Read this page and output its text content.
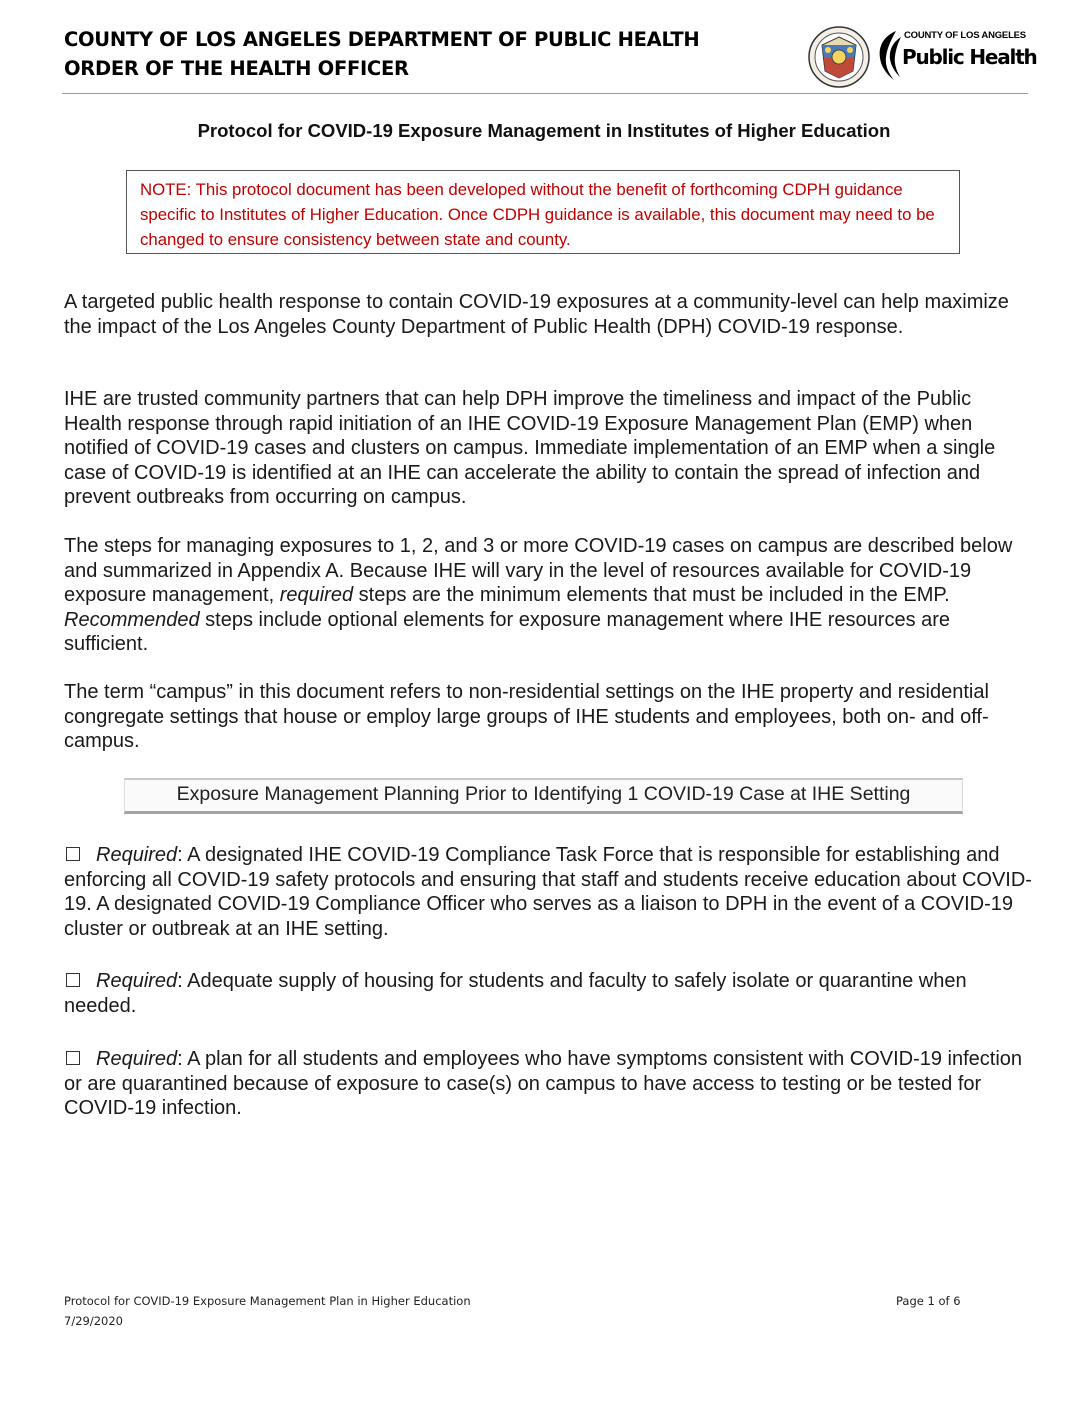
COUNTY OF LOS ANGELES DEPARTMENT OF PUBLIC HEALTH
ORDER OF THE HEALTH OFFICER
COUNTY OF LOS ANGELES
Public Health
Protocol for COVID-19 Exposure Management in Institutes of Higher Education
NOTE: This protocol document has been developed without the benefit of forthcoming CDPH guidance specific to Institutes of Higher Education. Once CDPH guidance is available, this document may need to be changed to ensure consistency between state and county.
A targeted public health response to contain COVID-19 exposures at a community-level can help maximize the impact of the Los Angeles County Department of Public Health (DPH) COVID-19 response.
IHE are trusted community partners that can help DPH improve the timeliness and impact of the Public Health response through rapid initiation of an IHE COVID-19 Exposure Management Plan (EMP) when notified of COVID-19 cases and clusters on campus. Immediate implementation of an EMP when a single case of COVID-19 is identified at an IHE can accelerate the ability to contain the spread of infection and prevent outbreaks from occurring on campus.
The steps for managing exposures to 1, 2, and 3 or more COVID-19 cases on campus are described below and summarized in Appendix A. Because IHE will vary in the level of resources available for COVID-19 exposure management, required steps are the minimum elements that must be included in the EMP. Recommended steps include optional elements for exposure management where IHE resources are sufficient.
The term “campus” in this document refers to non-residential settings on the IHE property and residential congregate settings that house or employ large groups of IHE students and employees, both on- and off-campus.
Exposure Management Planning Prior to Identifying 1 COVID-19 Case at IHE Setting
Required: A designated IHE COVID-19 Compliance Task Force that is responsible for establishing and enforcing all COVID-19 safety protocols and ensuring that staff and students receive education about COVID-19. A designated COVID-19 Compliance Officer who serves as a liaison to DPH in the event of a COVID-19 cluster or outbreak at an IHE setting.
Required: Adequate supply of housing for students and faculty to safely isolate or quarantine when needed.
Required: A plan for all students and employees who have symptoms consistent with COVID-19 infection or are quarantined because of exposure to case(s) on campus to have access to testing or be tested for COVID-19 infection.
Protocol for COVID-19 Exposure Management Plan in Higher Education
7/29/2020
Page 1 of 6
